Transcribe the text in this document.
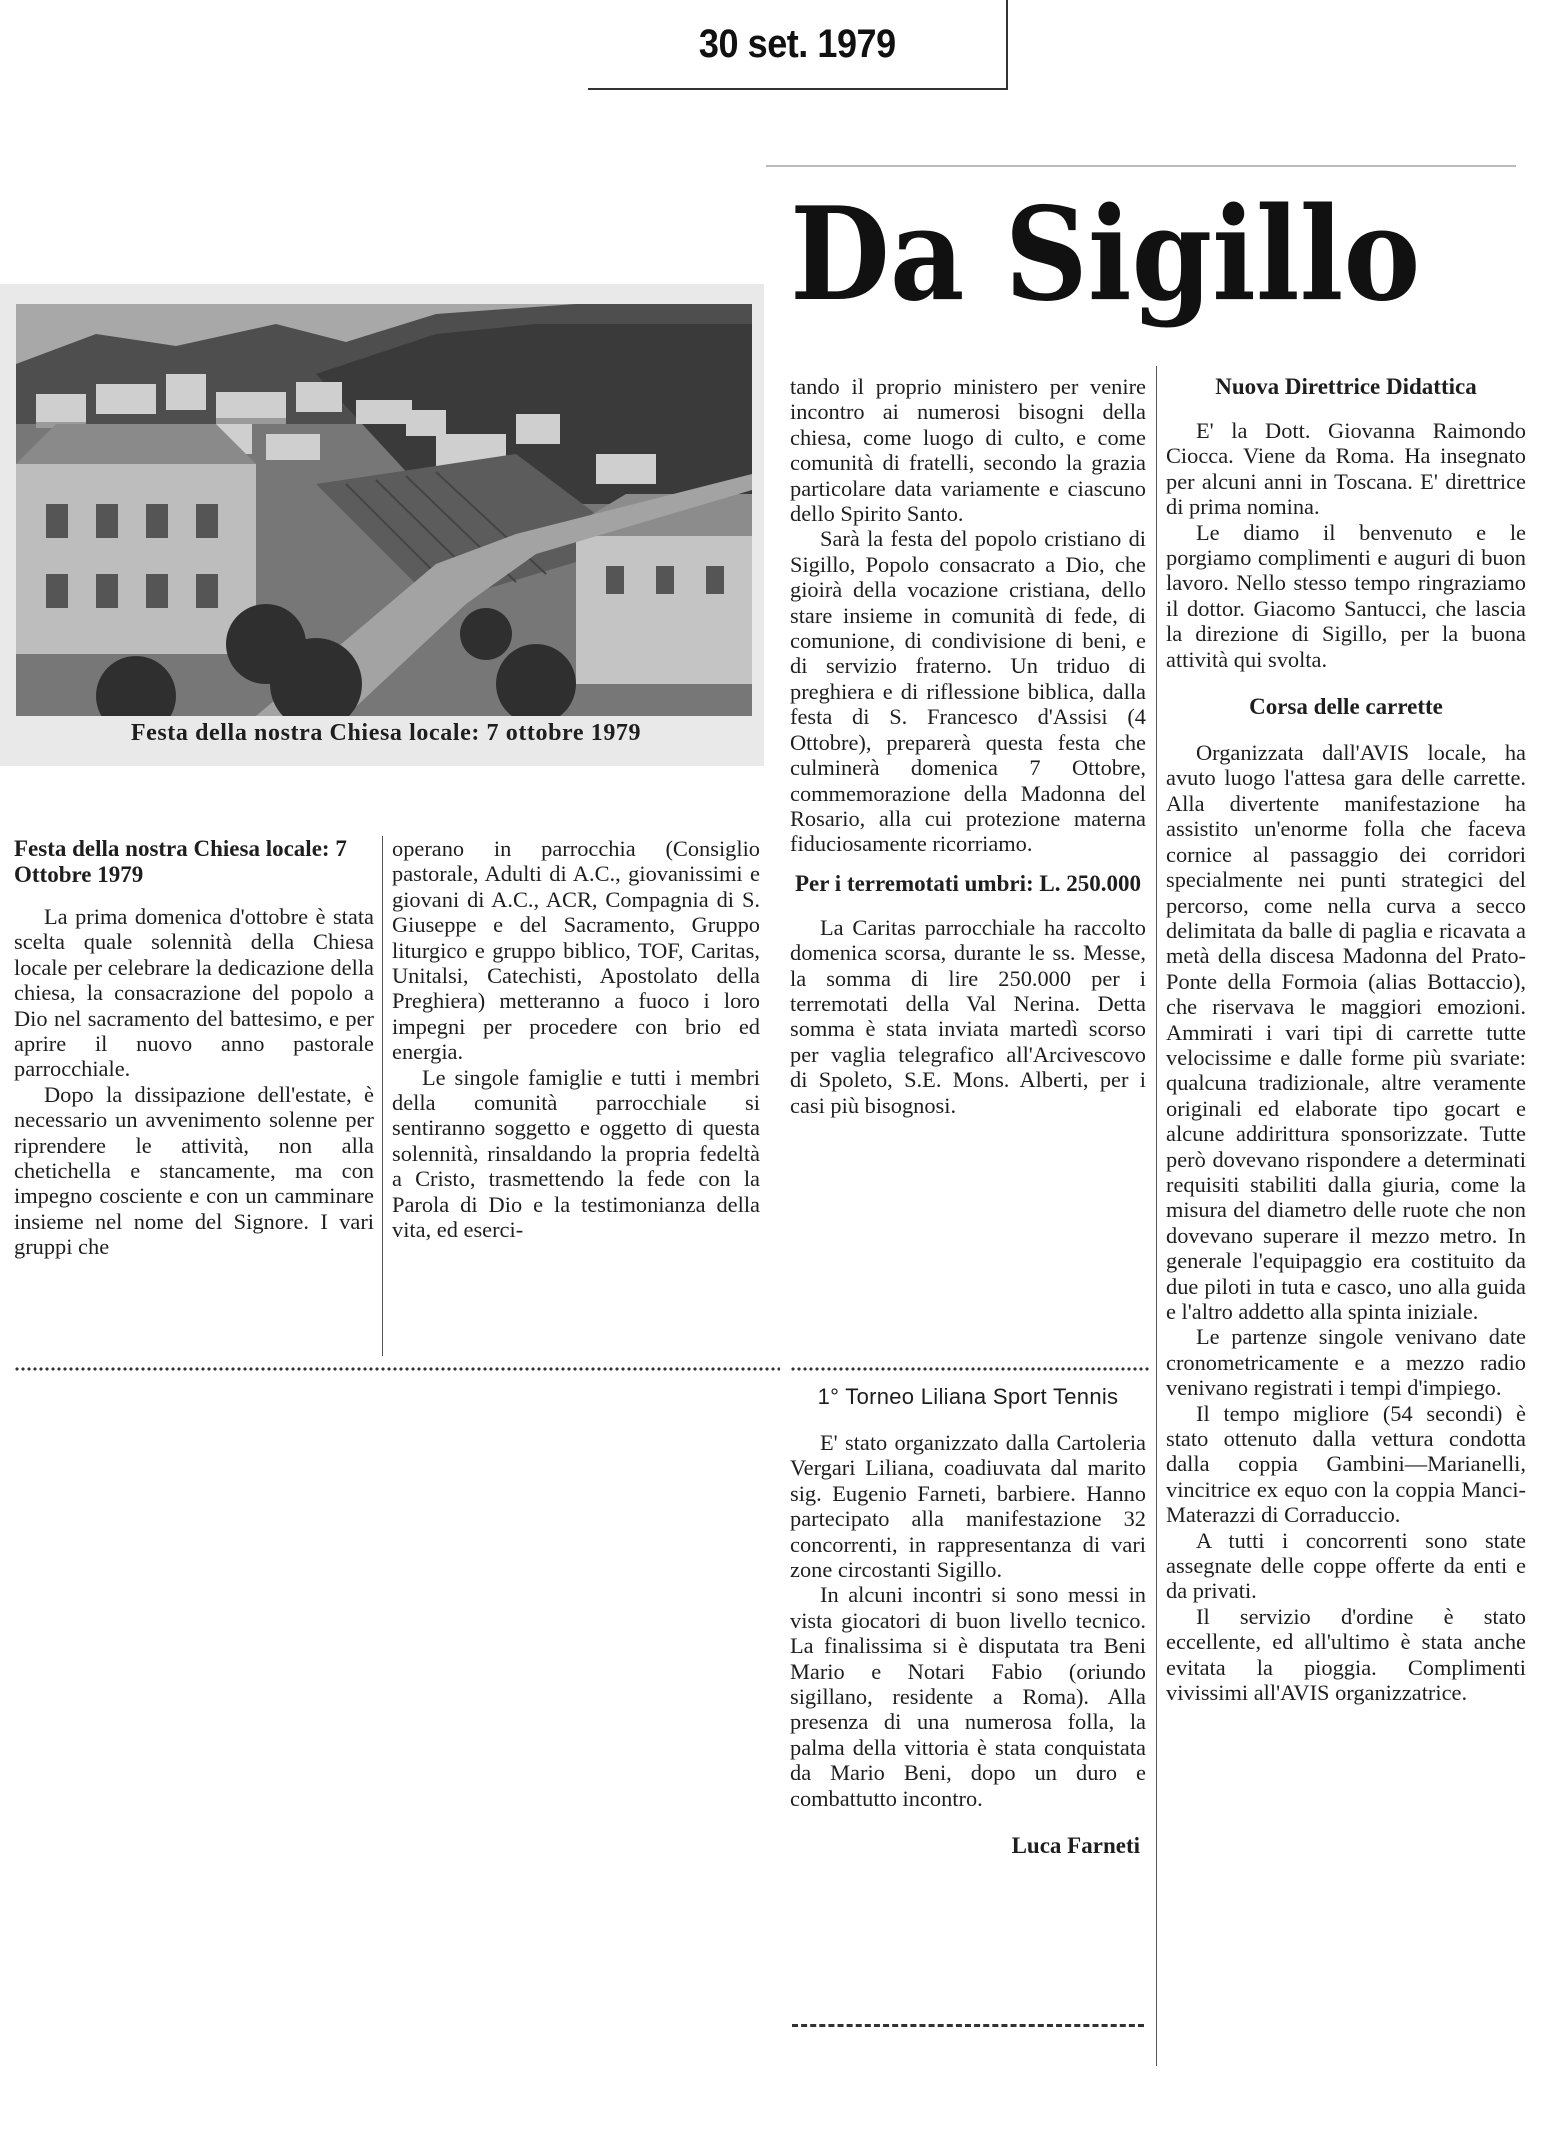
30 set. 1979
Da Sigillo
Festa della nostra Chiesa locale: 7 ottobre 1979

Festa della nostra Chiesa locale: 7 Ottobre 1979

La prima domenica d'ottobre è stata scelta quale solennità della Chiesa locale per celebrare la dedicazione della chiesa, la consacrazione del popolo a Dio nel sacramento del battesimo, e per aprire il nuovo anno pastorale parrocchiale.

Dopo la dissipazione dell'estate, è necessario un avvenimento solenne per riprendere le attività, non alla chetichella e stancamente, ma con impegno cosciente e con un camminare insieme nel nome del Signore. I vari gruppi che

operano in parrocchia (Consiglio pastorale, Adulti di A.C., giovanissimi e giovani di A.C., ACR, Compagnia di S. Giuseppe e del Sacramento, Gruppo liturgico e gruppo biblico, TOF, Caritas, Unitalsi, Catechisti, Apostolato della Preghiera) metteranno a fuoco i loro impegni per procedere con brio ed energia.

Le singole famiglie e tutti i membri della comunità parrocchiale si sentiranno soggetto e oggetto di questa solennità, rinsaldando la propria fedeltà a Cristo, trasmettendo la fede con la Parola di Dio e la testimonianza della vita, ed eserci-

tando il proprio ministero per venire incontro ai numerosi bisogni della chiesa, come luogo di culto, e come comunità di fratelli, secondo la grazia particolare data variamente e ciascuno dello Spirito Santo.

Sarà la festa del popolo cristiano di Sigillo, Popolo consacrato a Dio, che gioirà della vocazione cristiana, dello stare insieme in comunità di fede, di comunione, di condivisione di beni, e di servizio fraterno. Un triduo di preghiera e di riflessione biblica, dalla festa di S. Francesco d'Assisi (4 Ottobre), preparerà questa festa che culminerà domenica 7 Ottobre, commemorazione della Madonna del Rosario, alla cui protezione materna fiduciosamente ricorriamo.

Per i terremotati umbri: L. 250.000

La Caritas parrocchiale ha raccolto domenica scorsa, durante le ss. Messe, la somma di lire 250.000 per i terremotati della Val Nerina. Detta somma è stata inviata martedì scorso per vaglia telegrafico all'Arcivescovo di Spoleto, S.E. Mons. Alberti, per i casi più bisognosi.

1° Torneo Liliana Sport Tennis

E' stato organizzato dalla Cartoleria Vergari Liliana, coadiuvata dal marito sig. Eugenio Farneti, barbiere. Hanno partecipato alla manifestazione 32 concorrenti, in rappresentanza di vari zone circostanti Sigillo.

In alcuni incontri si sono messi in vista giocatori di buon livello tecnico. La finalissima si è disputata tra Beni Mario e Notari Fabio (oriundo sigillano, residente a Roma). Alla presenza di una numerosa folla, la palma della vittoria è stata conquistata da Mario Beni, dopo un duro e combattutto incontro.

Luca Farneti

Nuova Direttrice Didattica

E' la Dott. Giovanna Raimondo Ciocca. Viene da Roma. Ha insegnato per alcuni anni in Toscana. E' direttrice di prima nomina.

Le diamo il benvenuto e le porgiamo complimenti e auguri di buon lavoro. Nello stesso tempo ringraziamo il dottor. Giacomo Santucci, che lascia la direzione di Sigillo, per la buona attività qui svolta.

Corsa delle carrette

Organizzata dall'AVIS locale, ha avuto luogo l'attesa gara delle carrette. Alla divertente manifestazione ha assistito un'enorme folla che faceva cornice al passaggio dei corridori specialmente nei punti strategici del percorso, come nella curva a secco delimitata da balle di paglia e ricavata a metà della discesa Madonna del Prato-Ponte della Formoia (alias Bottaccio), che riservava le maggiori emozioni. Ammirati i vari tipi di carrette tutte velocissime e dalle forme più svariate: qualcuna tradizionale, altre veramente originali ed elaborate tipo gocart e alcune addirittura sponsorizzate. Tutte però dovevano rispondere a determinati requisiti stabiliti dalla giuria, come la misura del diametro delle ruote che non dovevano superare il mezzo metro. In generale l'equipaggio era costituito da due piloti in tuta e casco, uno alla guida e l'altro addetto alla spinta iniziale.

Le partenze singole venivano date cronometricamente e a mezzo radio venivano registrati i tempi d'impiego.

Il tempo migliore (54 secondi) è stato ottenuto dalla vettura condotta dalla coppia Gambini—Marianelli, vincitrice ex equo con la coppia Manci-Materazzi di Corraduccio.

A tutti i concorrenti sono state assegnate delle coppe offerte da enti e da privati.

Il servizio d'ordine è stato eccellente, ed all'ultimo è stata anche evitata la pioggia. Complimenti vivissimi all'AVIS organizzatrice.
